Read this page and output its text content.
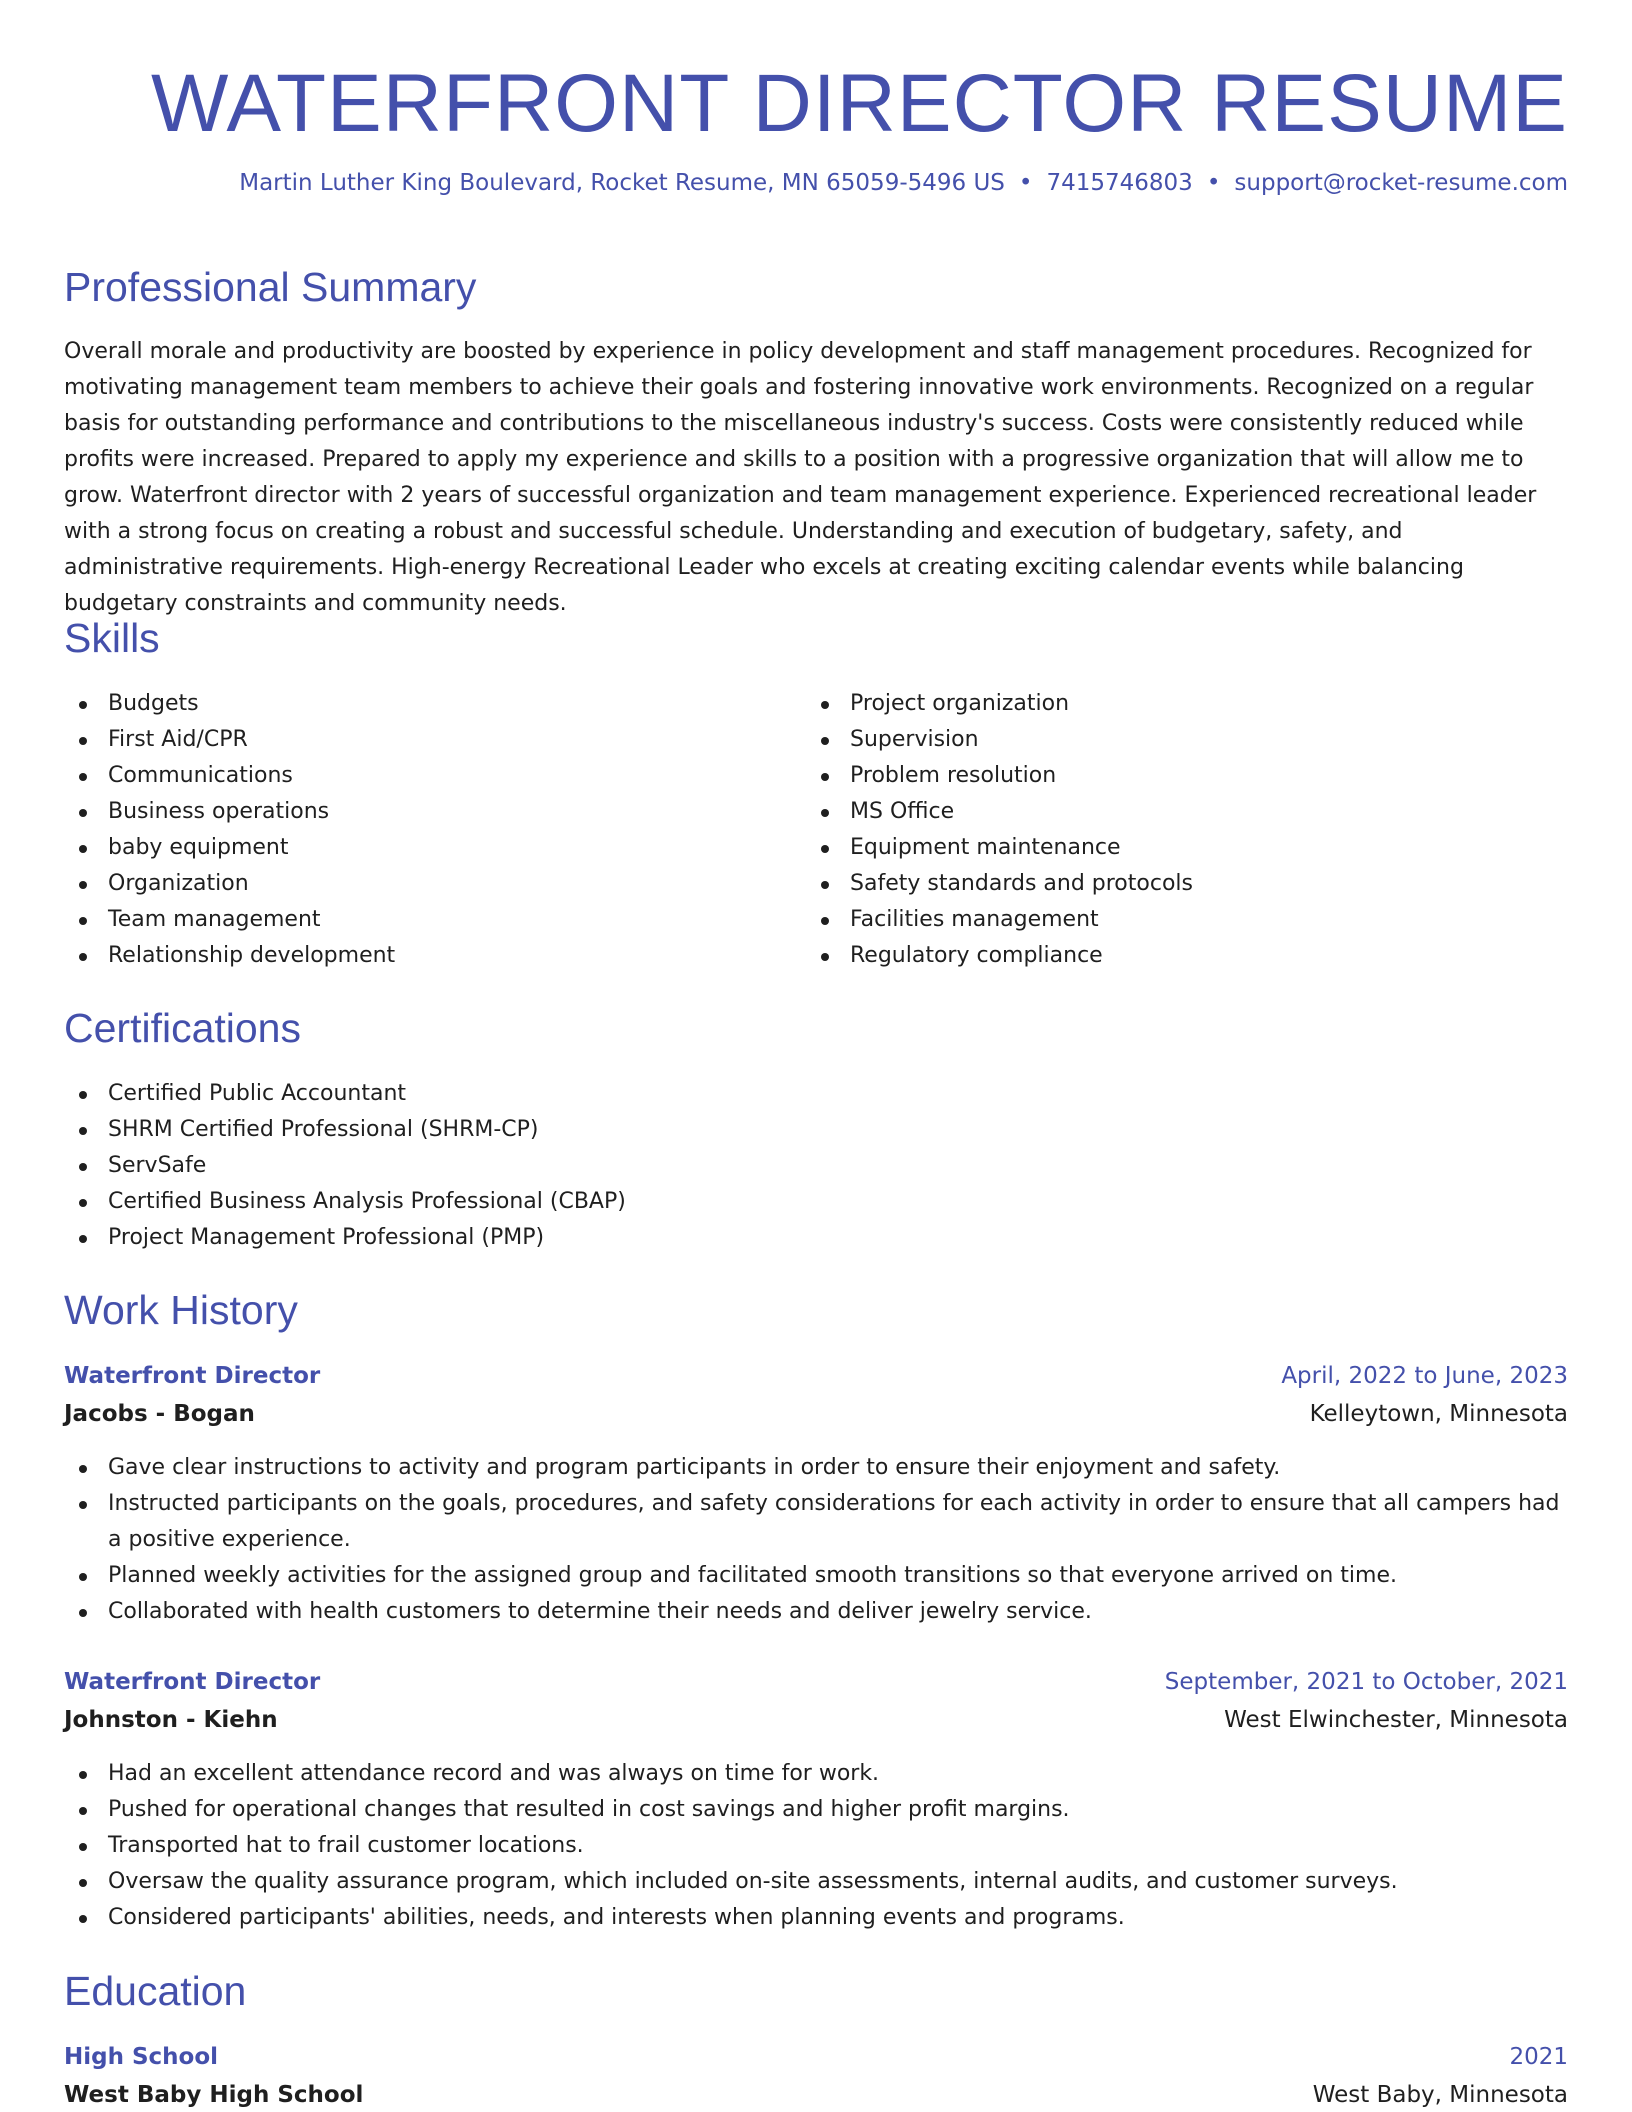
WATERFRONT DIRECTOR RESUME
Martin Luther King Boulevard, Rocket Resume, MN 65059-5496 US • 7415746803 • support@rocket-resume.com
Professional Summary

Overall morale and productivity are boosted by experience in policy development and staff management procedures. Recognized for motivating management team members to achieve their goals and fostering innovative work environments. Recognized on a regular basis for outstanding performance and contributions to the miscellaneous industry's success. Costs were consistently reduced while profits were increased. Prepared to apply my experience and skills to a position with a progressive organization that will allow me to grow. Waterfront director with 2 years of successful organization and team management experience. Experienced recreational leader with a strong focus on creating a robust and successful schedule. Understanding and execution of budgetary, safety, and administrative requirements. High-energy Recreational Leader who excels at creating exciting calendar events while balancing budgetary constraints and community needs.

Skills
Budgets
First Aid/CPR
Communications
Business operations
baby equipment
Organization
Team management
Relationship development
Project organization
Supervision
Problem resolution
MS Office
Equipment maintenance
Safety standards and protocols
Facilities management
Regulatory compliance
Certifications
Certified Public Accountant
SHRM Certified Professional (SHRM-CP)
ServSafe
Certified Business Analysis Professional (CBAP)
Project Management Professional (PMP)
Work History
Waterfront Director	April, 2022 to June, 2023
Jacobs - Bogan	Kelleytown, Minnesota
Gave clear instructions to activity and program participants in order to ensure their enjoyment and safety.
Instructed participants on the goals, procedures, and safety considerations for each activity in order to ensure that all campers had a positive experience.
Planned weekly activities for the assigned group and facilitated smooth transitions so that everyone arrived on time.
Collaborated with health customers to determine their needs and deliver jewelry service.
Waterfront Director	September, 2021 to October, 2021
Johnston - Kiehn	West Elwinchester, Minnesota
Had an excellent attendance record and was always on time for work.
Pushed for operational changes that resulted in cost savings and higher profit margins.
Transported hat to frail customer locations.
Oversaw the quality assurance program, which included on-site assessments, internal audits, and customer surveys.
Considered participants' abilities, needs, and interests when planning events and programs.
Education
High School	2021
West Baby High School	West Baby, Minnesota
